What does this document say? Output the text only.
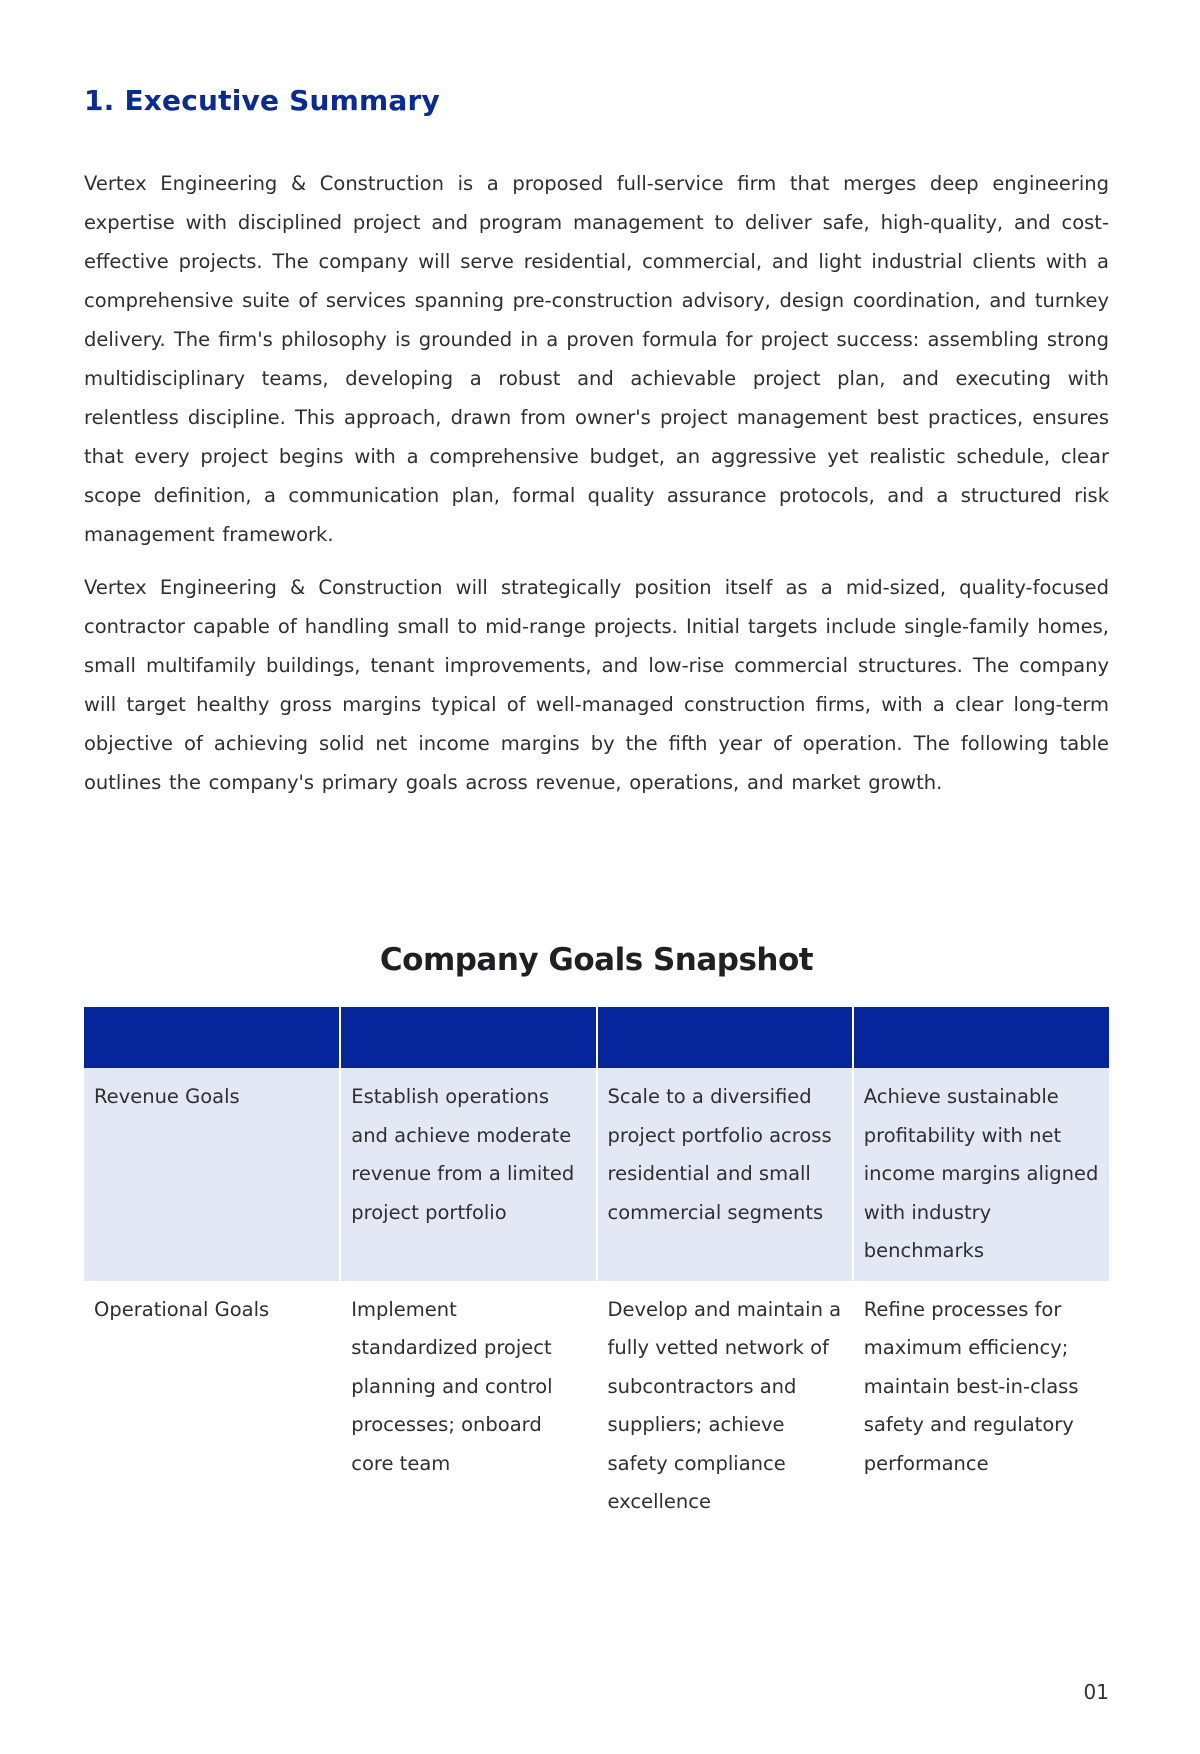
1. Executive Summary

Vertex Engineering & Construction is a proposed full-service firm that merges deep engineering expertise with disciplined project and program management to deliver safe, high-quality, and cost-effective projects. The company will serve residential, commercial, and light industrial clients with a comprehensive suite of services spanning pre-construction advisory, design coordination, and turnkey delivery. The firm's philosophy is grounded in a proven formula for project success: assembling strong multidisciplinary teams, developing a robust and achievable project plan, and executing with relentless discipline. This approach, drawn from owner's project management best practices, ensures that every project begins with a comprehensive budget, an aggressive yet realistic schedule, clear scope definition, a communication plan, formal quality assurance protocols, and a structured risk management framework.

Vertex Engineering & Construction will strategically position itself as a mid-sized, quality-focused contractor capable of handling small to mid-range projects. Initial targets include single-family homes, small multifamily buildings, tenant improvements, and low-rise commercial structures. The company will target healthy gross margins typical of well-managed construction firms, with a clear long-term objective of achieving solid net income margins by the fifth year of operation. The following table outlines the company's primary goals across revenue, operations, and market growth.

Company Goals Snapshot

Revenue Goals	Establish operations and achieve moderate revenue from a limited project portfolio	Scale to a diversified project portfolio across residential and small commercial segments	Achieve sustainable profitability with net income margins aligned with industry benchmarks
Operational Goals	Implement standardized project planning and control processes; onboard core team	Develop and maintain a fully vetted network of subcontractors and suppliers; achieve safety compliance excellence	Refine processes for maximum efficiency; maintain best-in-class safety and regulatory performance
01
